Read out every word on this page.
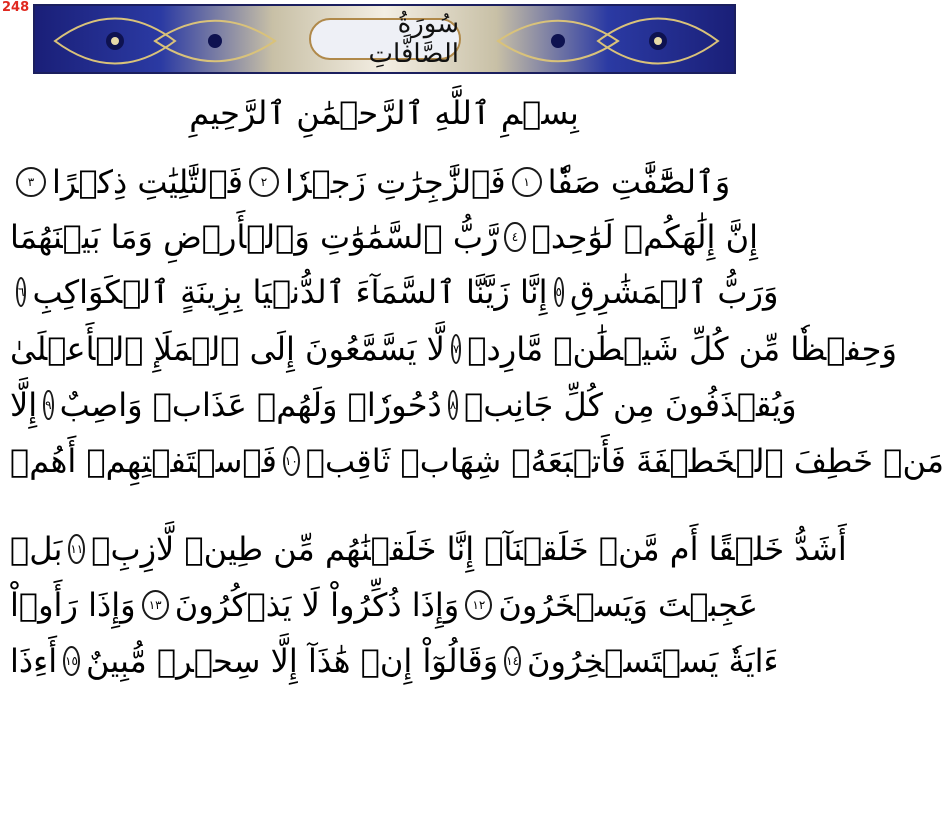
248
سُورَةُ الصَّافَّاتِ
بِسۡمِ ٱللَّهِ ٱلرَّحۡمَٰنِ ٱلرَّحِيمِ
وَٱلصَّٰٓفَّٰتِ صَفّٗا
١
فَٱلزَّٰجِرَٰتِ زَجۡرٗا
٢
فَٱلتَّٰلِيَٰتِ ذِكۡرًا
٣
إِنَّ إِلَٰهَكُمۡ لَوَٰحِدٞ
٤
رَّبُّ ٱلسَّمَٰوَٰتِ وَٱلۡأَرۡضِ وَمَا بَيۡنَهُمَا
وَرَبُّ ٱلۡمَشَٰرِقِ
٥
إِنَّا زَيَّنَّا ٱلسَّمَآءَ ٱلدُّنۡيَا بِزِينَةٍ ٱلۡكَوَاكِبِ
٦
وَحِفۡظٗا مِّن كُلِّ شَيۡطَٰنٖ مَّارِدٖ
٧
لَّا يَسَّمَّعُونَ إِلَى ٱلۡمَلَإِ ٱلۡأَعۡلَىٰ
وَيُقۡذَفُونَ مِن كُلِّ جَانِبٖ
٨
دُحُورٗاۖ وَلَهُمۡ عَذَابٞ وَاصِبٌ
٩
إِلَّا
مَنۡ خَطِفَ ٱلۡخَطۡفَةَ فَأَتۡبَعَهُۥ شِهَابٞ ثَاقِبٞ
١٠
فَٱسۡتَفۡتِهِمۡ أَهُمۡ
أَشَدُّ خَلۡقًا أَم مَّنۡ خَلَقۡنَآۚ إِنَّا خَلَقۡنَٰهُم مِّن طِينٖ لَّازِبِۭ
١١
بَلۡ
عَجِبۡتَ وَيَسۡخَرُونَ
١٢
وَإِذَا ذُكِّرُواْ لَا يَذۡكُرُونَ
١٣
وَإِذَا رَأَوۡاْ
ءَايَةٗ يَسۡتَسۡخِرُونَ
١٤
وَقَالُوٓاْ إِنۡ هَٰذَآ إِلَّا سِحۡرٞ مُّبِينٌ
١٥
أَءِذَا
